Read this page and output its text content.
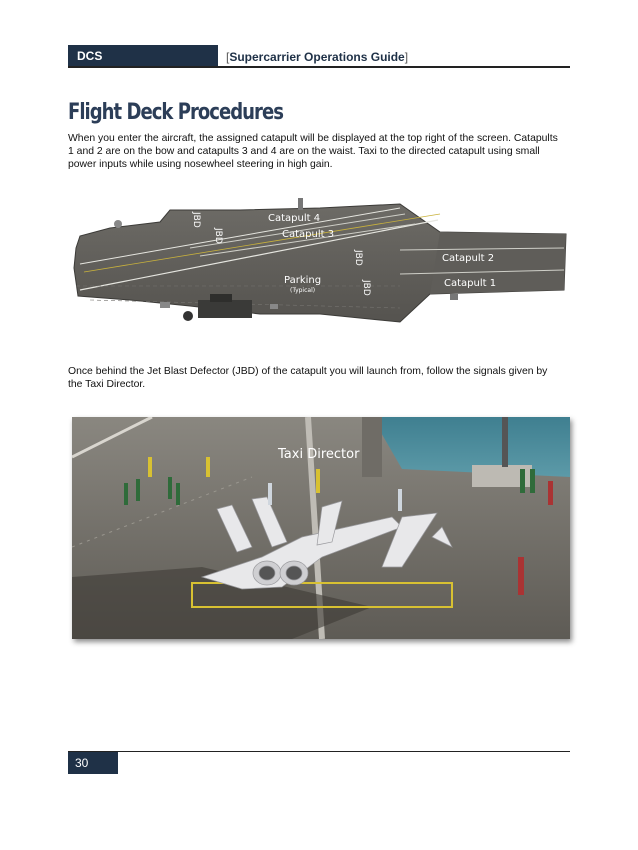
DCS	[Supercarrier Operations Guide]
Flight Deck Procedures
When you enter the aircraft, the assigned catapult will be displayed at the top right of the screen. Catapults 1 and 2 are on the bow and catapults 3 and 4 are on the waist. Taxi to the directed catapult using small power inputs while using nosewheel steering in high gain.
Catapult 4
Catapult 3
Catapult 2
Catapult 1
Parking
(Typical)
JBD
JBD
JBD
JBD
Once behind the Jet Blast Defector (JBD) of the catapult you will launch from, follow the signals given by the Taxi Director.
Taxi Director
30
